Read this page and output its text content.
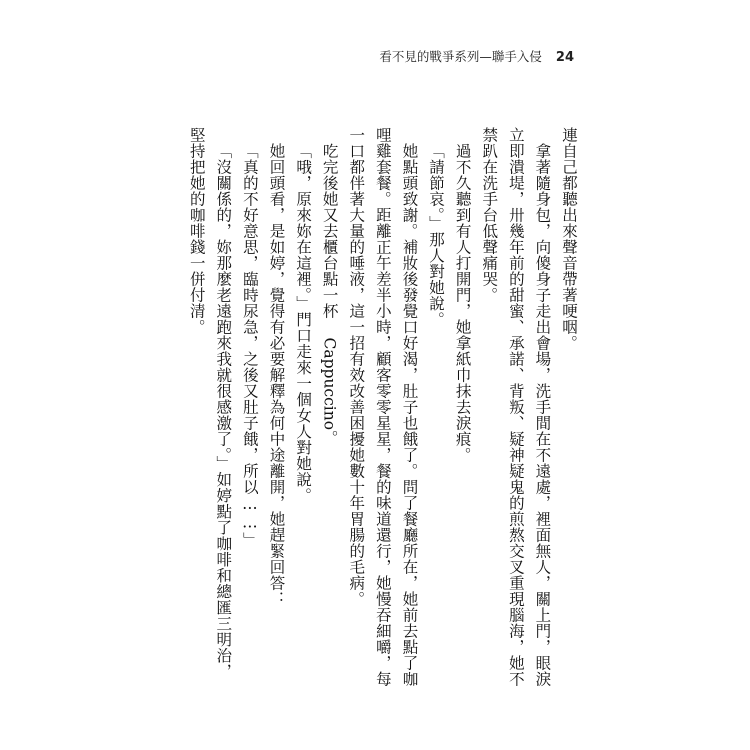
看不見的戰爭系列—聯手入侵 24

連自己都聽出來聲音帶著哽咽。

拿著隨身包，向傻身子走出會場，洗手間在不遠處，裡面無人，關上門，眼淚立即潰堤，卅幾年前的甜蜜、承諾、背叛、疑神疑鬼的煎熬交叉重現腦海，她不禁趴在洗手台低聲痛哭。

過不久聽到有人打開門，她拿紙巾抹去淚痕。

「請節哀。」那人對她說。

她點頭致謝。補妝後發覺口好渴，肚子也餓了。問了餐廳所在，她前去點了咖哩雞套餐。距離正午差半小時，顧客零零星星，餐的味道還行，她慢吞細嚼，每一口都伴著大量的唾液，這一招有效改善困擾她數十年胃腸的毛病。

吃完後她又去櫃台點一杯 Cappuccino。

「哦，原來妳在這裡。」門口走來一個女人對她說。

她回頭看，是如婷，覺得有必要解釋為何中途離開，她趕緊回答：

「真的不好意思，臨時尿急，之後又肚子餓，所以……」

「沒關係的，妳那麼老遠跑來我就很感激了。」如婷點了咖啡和總匯三明治，堅持把她的咖啡錢一併付清。
